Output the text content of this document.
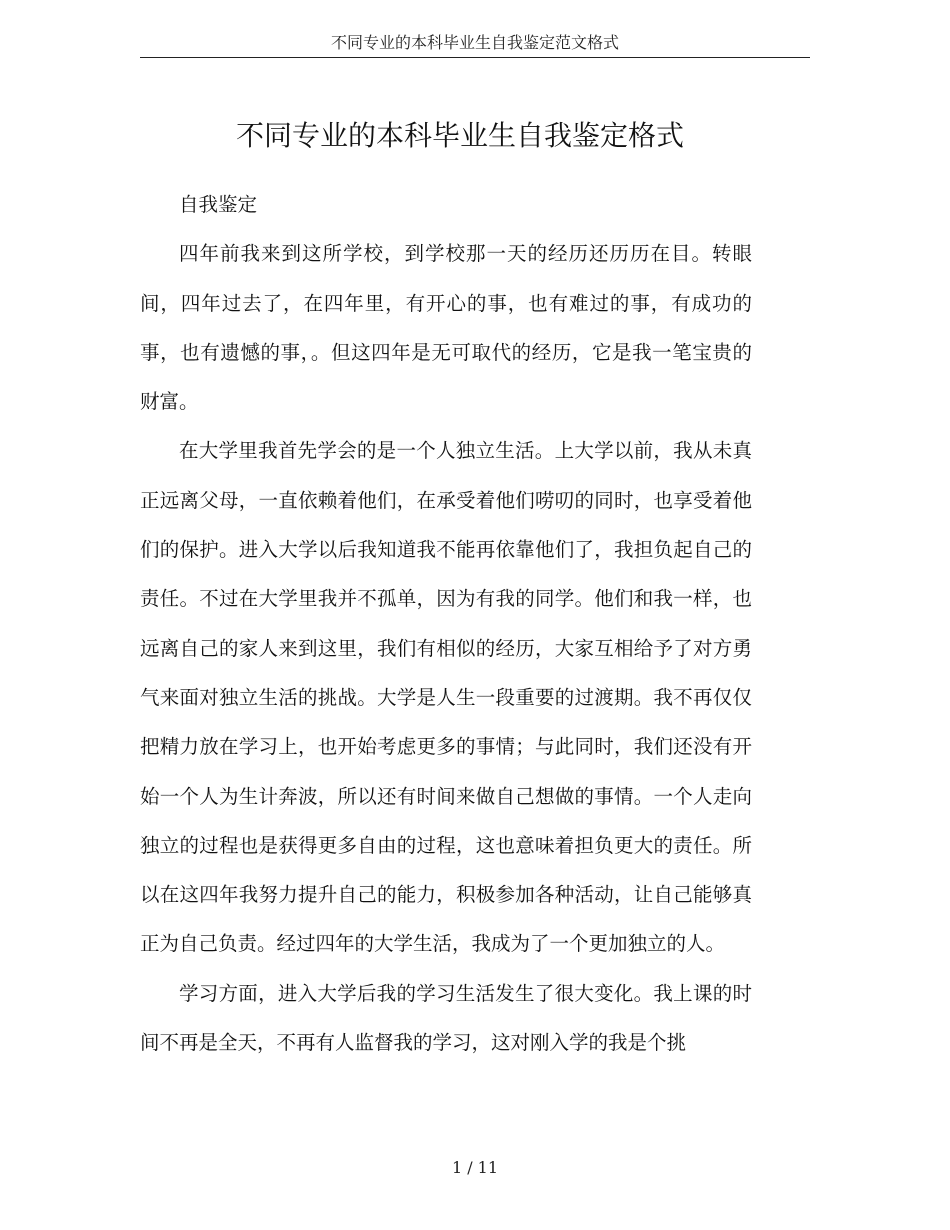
不同专业的本科毕业生自我鉴定范文格式
不同专业的本科毕业生自我鉴定格式

自我鉴定

四年前我来到这所学校，到学校那一天的经历还历历在目。转眼间，四年过去了，在四年里，有开心的事，也有难过的事，有成功的事，也有遗憾的事，。但这四年是无可取代的经历，它是我一笔宝贵的财富。

在大学里我首先学会的是一个人独立生活。上大学以前，我从未真正远离父母，一直依赖着他们，在承受着他们唠叨的同时，也享受着他们的保护。进入大学以后我知道我不能再依靠他们了，我担负起自己的责任。不过在大学里我并不孤单，因为有我的同学。他们和我一样，也远离自己的家人来到这里，我们有相似的经历，大家互相给予了对方勇气来面对独立生活的挑战。大学是人生一段重要的过渡期。我不再仅仅把精力放在学习上，也开始考虑更多的事情；与此同时，我们还没有开始一个人为生计奔波，所以还有时间来做自己想做的事情。一个人走向独立的过程也是获得更多自由的过程，这也意味着担负更大的责任。所以在这四年我努力提升自己的能力，积极参加各种活动，让自己能够真正为自己负责。经过四年的大学生活，我成为了一个更加独立的人。

学习方面，进入大学后我的学习生活发生了很大变化。我上课的时间不再是全天，不再有人监督我的学习，这对刚入学的我是个挑

1 / 11
